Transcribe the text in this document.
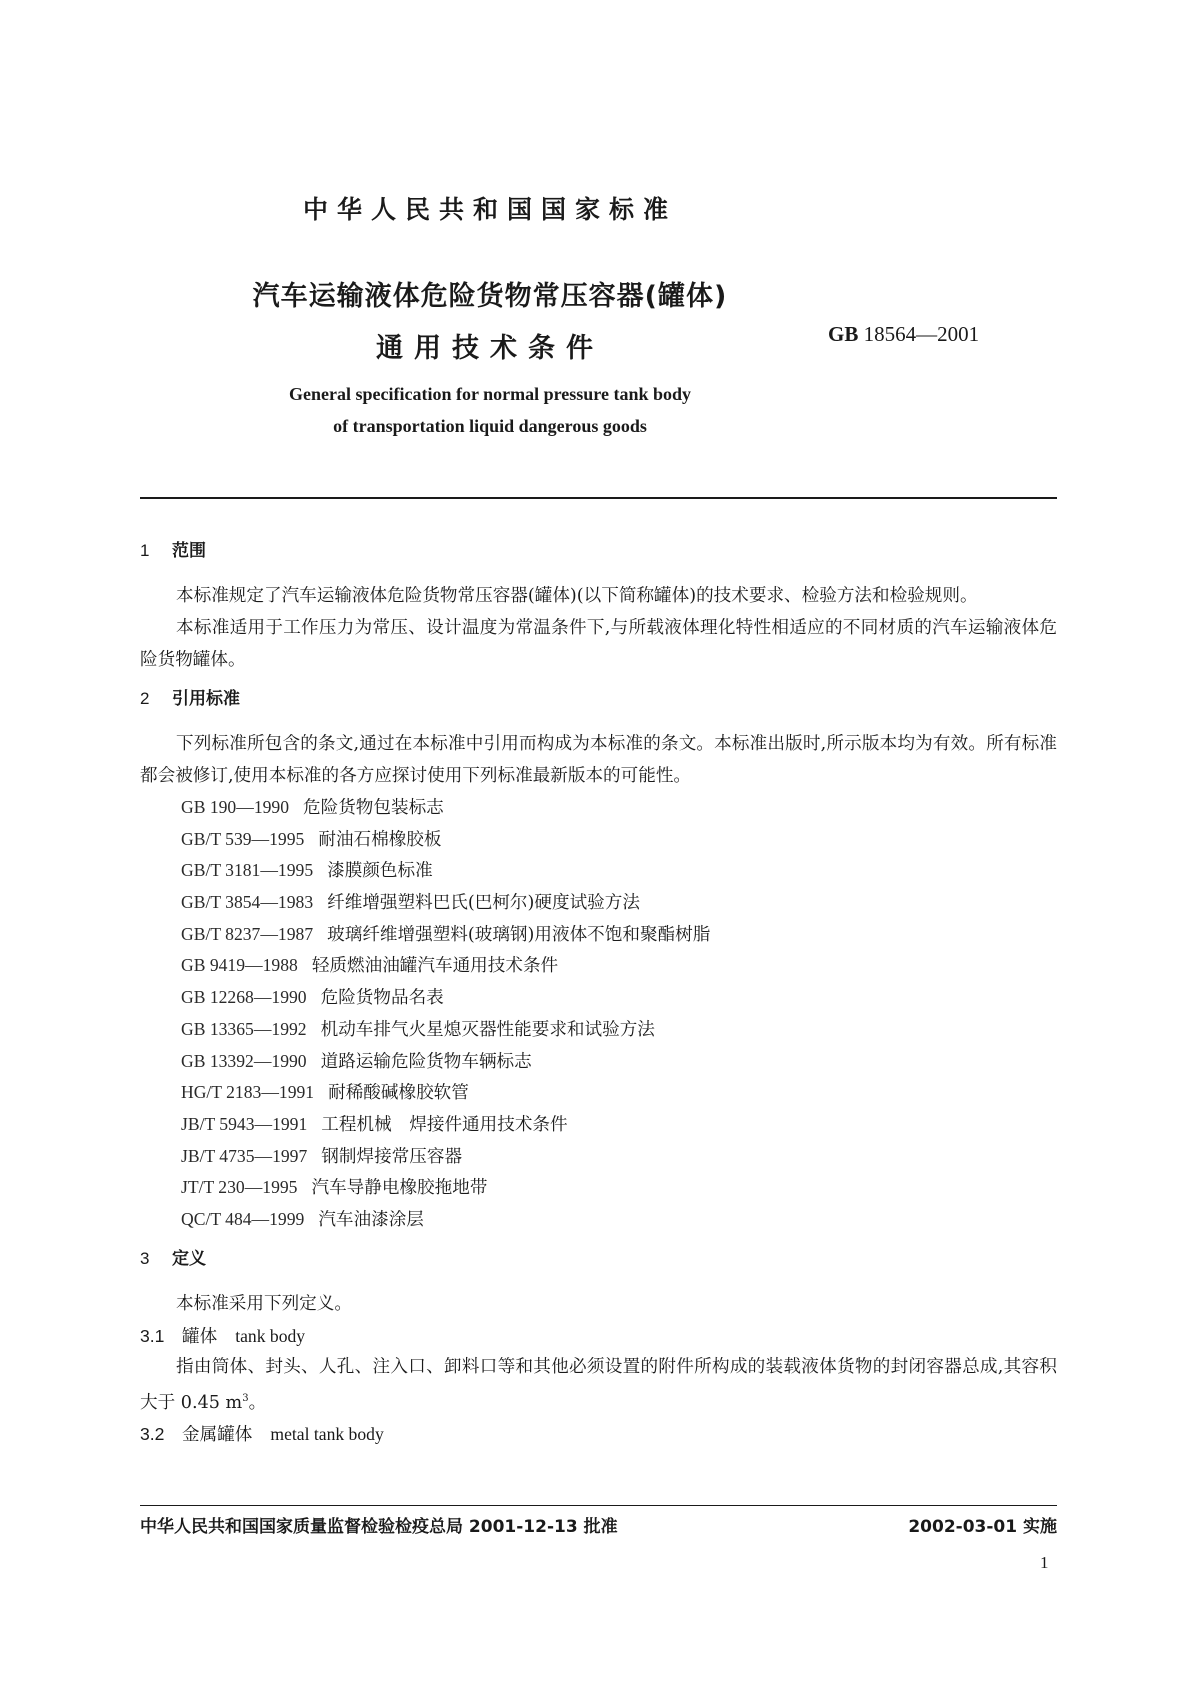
中华人民共和国国家标准
汽车运输液体危险货物常压容器(罐体)
通用技术条件	GB 18564—2001
General specification for normal pressure tank body
of transportation liquid dangerous goods
1 范围

本标准规定了汽车运输液体危险货物常压容器(罐体)(以下简称罐体)的技术要求、检验方法和检验规则。

本标准适用于工作压力为常压、设计温度为常温条件下,与所载液体理化特性相适应的不同材质的汽车运输液体危险货物罐体。

2 引用标准

下列标准所包含的条文,通过在本标准中引用而构成为本标准的条文。本标准出版时,所示版本均为有效。所有标准都会被修订,使用本标准的各方应探讨使用下列标准最新版本的可能性。

GB 190—1990 危险货物包装标志
GB/T 539—1995 耐油石棉橡胶板
GB/T 3181—1995 漆膜颜色标准
GB/T 3854—1983 纤维增强塑料巴氏(巴柯尔)硬度试验方法
GB/T 8237—1987 玻璃纤维增强塑料(玻璃钢)用液体不饱和聚酯树脂
GB 9419—1988 轻质燃油油罐汽车通用技术条件
GB 12268—1990 危险货物品名表
GB 13365—1992 机动车排气火星熄灭器性能要求和试验方法
GB 13392—1990 道路运输危险货物车辆标志
HG/T 2183—1991 耐稀酸碱橡胶软管
JB/T 5943—1991 工程机械　焊接件通用技术条件
JB/T 4735—1997 钢制焊接常压容器
JT/T 230—1995 汽车导静电橡胶拖地带
QC/T 484—1999 汽车油漆涂层
3 定义

本标准采用下列定义。

3.1 罐体 tank body

指由筒体、封头、人孔、注入口、卸料口等和其他必须设置的附件所构成的装载液体货物的封闭容器总成,其容积大于 0.45 $m^3$。

3.2 金属罐体 metal tank body
中华人民共和国国家质量监督检验检疫总局 2001-12-13 批准	2002-03-01 实施
1
